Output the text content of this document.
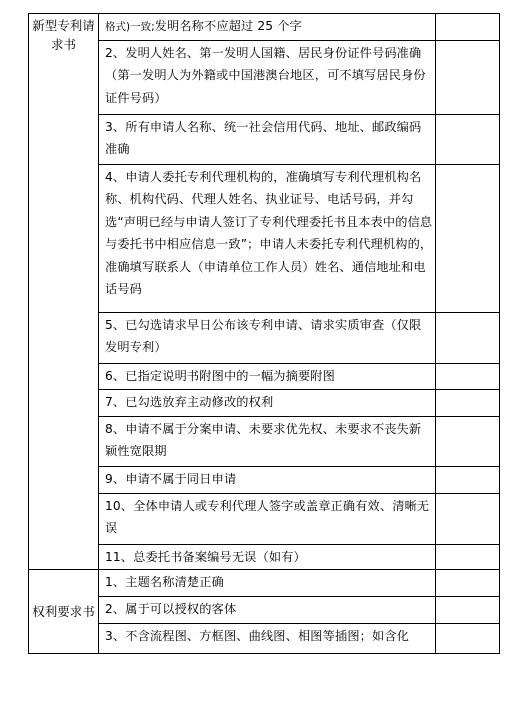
新型专利请求书	格式)一致;发明名称不应超过 25 个字	
	2、发明人姓名、第一发明人国籍、居民身份证件号码准确（第一发明人为外籍或中国港澳台地区，可不填写居民身份证件号码）	
	3、所有申请人名称、统一社会信用代码、地址、邮政编码准确	
	4、申请人委托专利代理机构的，准确填写专利代理机构名称、机构代码、代理人姓名、执业证号、电话号码，并勾选“声明已经与申请人签订了专利代理委托书且本表中的信息与委托书中相应信息一致”；申请人未委托专利代理机构的，准确填写联系人（申请单位工作人员）姓名、通信地址和电话号码	
	5、已勾选请求早日公布该专利申请、请求实质审查（仅限发明专利）	
	6、已指定说明书附图中的一幅为摘要附图	
	7、已勾选放弃主动修改的权利	
	8、申请不属于分案申请、未要求优先权、未要求不丧失新颖性宽限期	
	9、申请不属于同日申请	
	10、全体申请人或专利代理人签字或盖章正确有效、清晰无误	
	11、总委托书备案编号无误（如有）	
权利要求书	1、主题名称清楚正确	
	2、属于可以授权的客体	

	3、不含流程图、方框图、曲线图、相图等插图；如含化	
